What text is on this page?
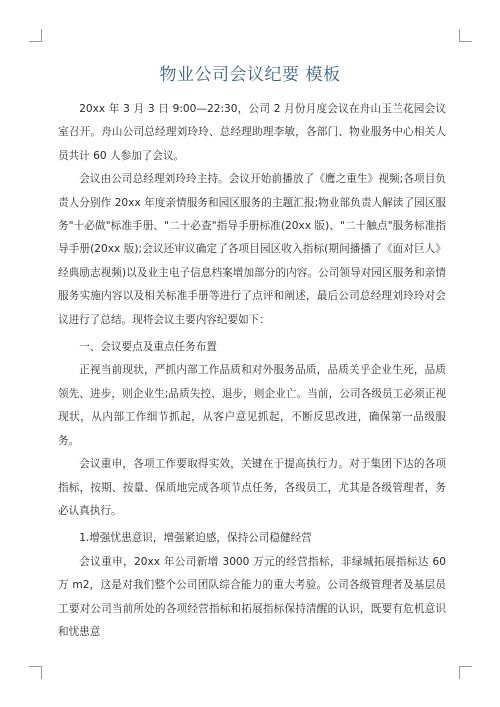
物业公司会议纪要 模板

20xx 年 3 月 3 日 9:00—22:30，公司 2 月份月度会议在舟山玉兰花园会议室召开。舟山公司总经理刘玲玲、总经理助理李敏，各部门、物业服务中心相关人员共计 60 人参加了会议。

会议由公司总经理刘玲玲主持。会议开始前播放了《鹰之重生》视频;各项目负责人分别作 20xx 年度亲情服务和园区服务的主题汇报;物业部负责人解读了园区服务"十必做"标准手册、"二十必查"指导手册标准(20xx 版)、"二十触点"服务标准指导手册(20xx 版);会议还审议确定了各项目园区收入指标(期间播播了《面对巨人》经典励志视频)以及业主电子信息档案增加部分的内容。公司领导对园区服务和亲情服务实施内容以及相关标准手册等进行了点评和阐述，最后公司总经理刘玲玲对会议进行了总结。现将会议主要内容纪要如下：

一、会议要点及重点任务布置

正视当前现状，严抓内部工作品质和对外服务品质，品质关乎企业生死，品质领先、进步，则企业生;品质失控、退步，则企业亡。当前，公司各级员工必须正视现状，从内部工作细节抓起，从客户意见抓起，不断反思改进，确保第一品级服务。

会议重申，各项工作要取得实效，关键在于提高执行力。对于集团下达的各项指标，按期、按量、保质地完成各项节点任务，各级员工，尤其是各级管理者，务必认真执行。

1.增强忧患意识，增强紧迫感，保持公司稳健经营

会议重申，20xx 年公司新增 3000 万元的经营指标，非绿城拓展指标达 60 万 m2，这是对我们整个公司团队综合能力的重大考验。公司各级管理者及基层员工要对公司当前所处的各项经营指标和拓展指标保持清醒的认识，既要有危机意识和忧患意
